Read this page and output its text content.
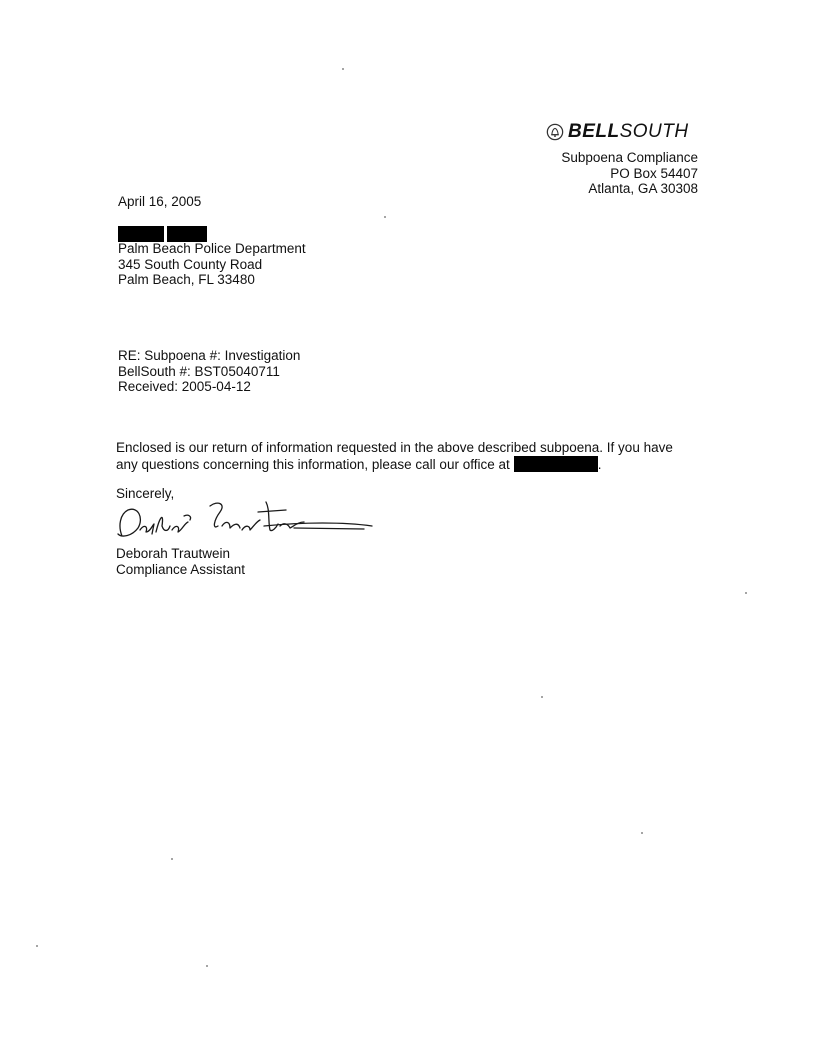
BELLSOUTH
Subpoena Compliance
PO Box 54407
Atlanta, GA 30308
April 16, 2005
Palm Beach Police Department
345 South County Road
Palm Beach, FL 33480
RE: Subpoena #: Investigation
BellSouth #: BST05040711
Received: 2005-04-12
Enclosed is our return of information requested in the above described subpoena. If you have
any questions concerning this information, please call our office at	.
Sincerely,
Deborah Trautwein
Compliance Assistant
